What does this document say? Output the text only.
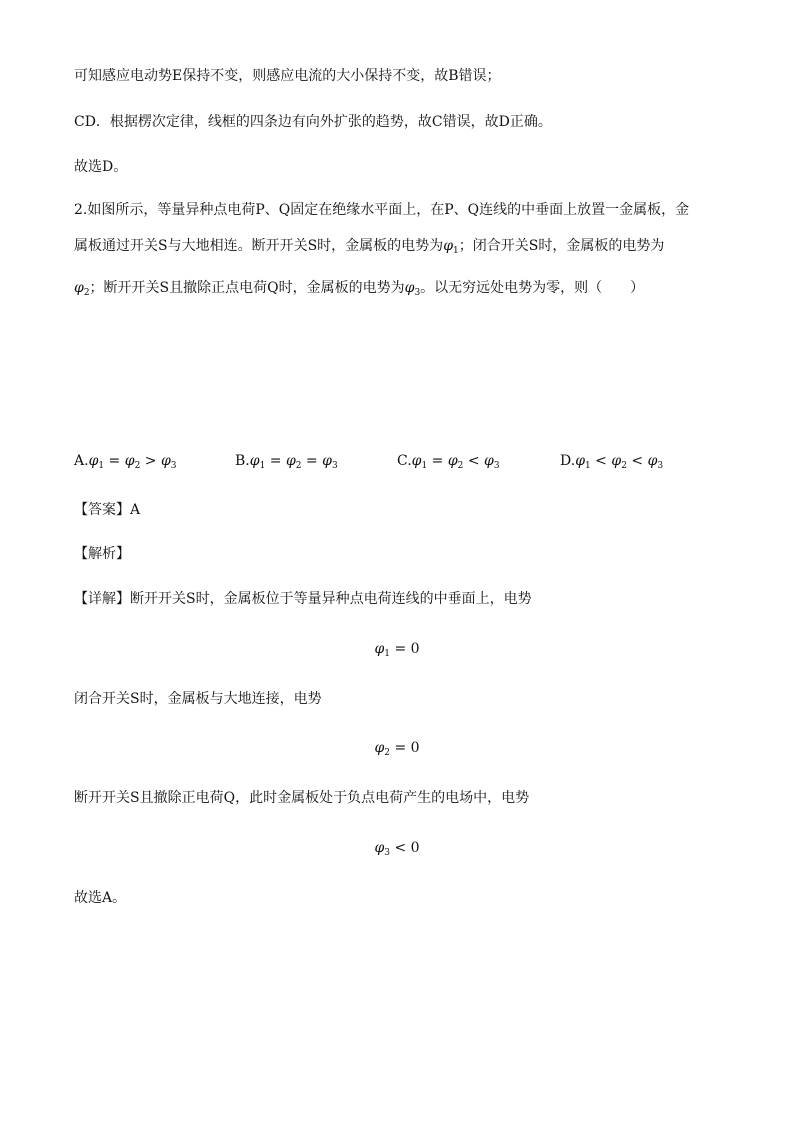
可知感应电动势E保持不变，则感应电流的大小保持不变，故B错误；
CD．根据楞次定律，线框的四条边有向外扩张的趋势，故C错误，故D正确。
故选D。
2.如图所示，等量异种点电荷P、Q固定在绝缘水平面上，在P、Q连线的中垂面上放置一金属板，金
属板通过开关S与大地相连。断开开关S时，金属板的电势为$\varphi_1$；闭合开关S时，金属板的电势为
$\varphi_2$；断开开关S且撤除正点电荷Q时，金属板的电势为$\varphi_3$。以无穷远处电势为零，则（　　）
$A.\varphi_1 = \varphi_2 > \varphi_3$	$B.\varphi_1 = \varphi_2 = \varphi_3$	$C.\varphi_1 = \varphi_2 < \varphi_3$	$D.\varphi_1 < \varphi_2 < \varphi_3$
【答案】A
【解析】
【详解】断开开关S时，金属板位于等量异种点电荷连线的中垂面上，电势
$\varphi_1 = 0$
闭合开关S时，金属板与大地连接，电势
$\varphi_2 = 0$
断开开关S且撤除正电荷Q，此时金属板处于负点电荷产生的电场中，电势
$\varphi_3 < 0$
故选A。
